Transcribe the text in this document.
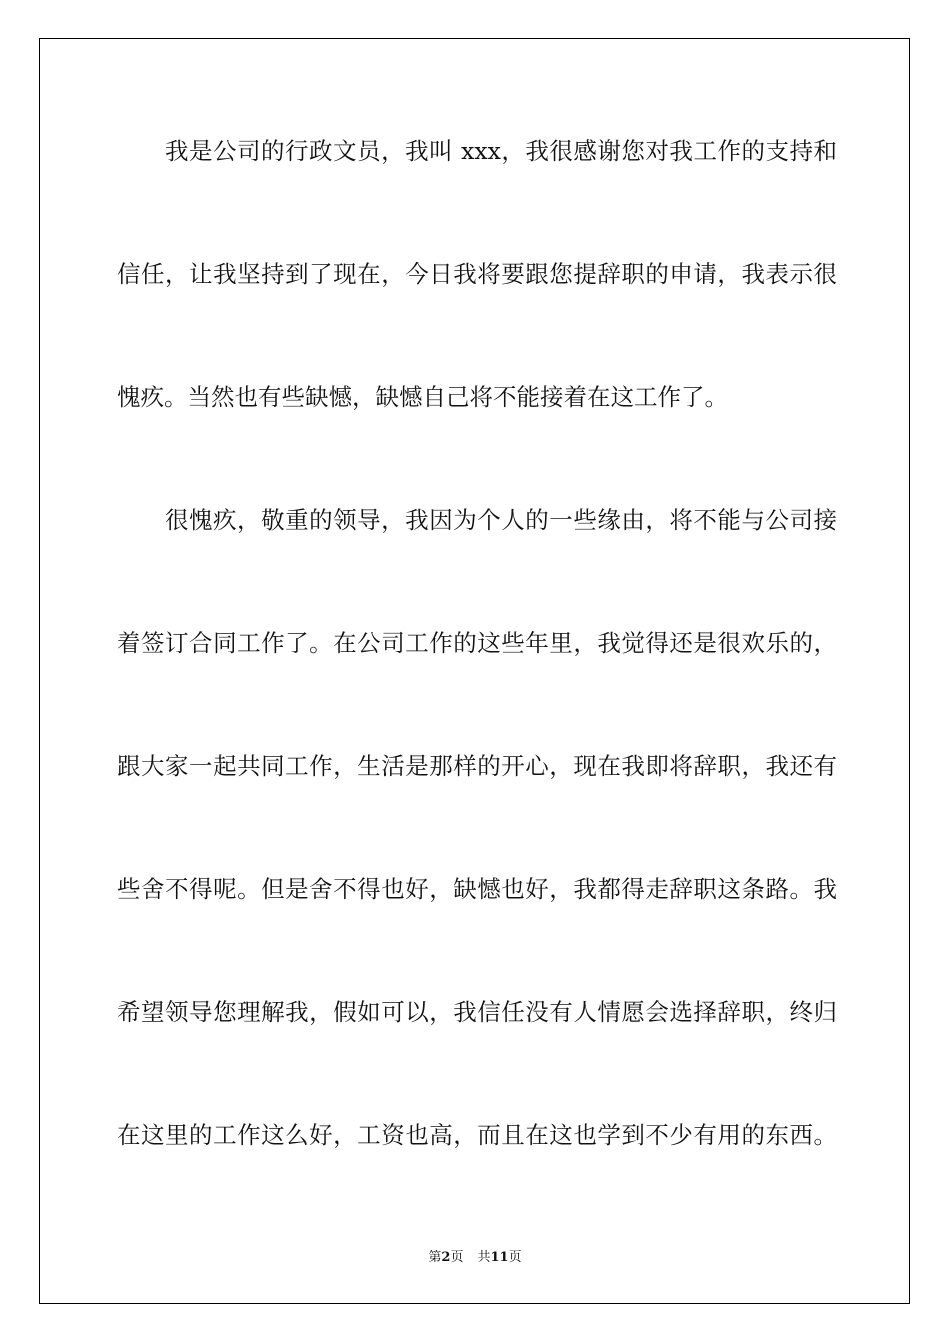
我是公司的行政文员，我叫 xxx，我很感谢您对我工作的支持和
信任，让我坚持到了现在，今日我将要跟您提辞职的申请，我表示很
愧疚。当然也有些缺憾，缺憾自己将不能接着在这工作了。
很愧疚，敬重的领导，我因为个人的一些缘由，将不能与公司接
着签订合同工作了。在公司工作的这些年里，我觉得还是很欢乐的，
跟大家一起共同工作，生活是那样的开心，现在我即将辞职，我还有
些舍不得呢。但是舍不得也好，缺憾也好，我都得走辞职这条路。我
希望领导您理解我，假如可以，我信任没有人情愿会选择辞职，终归
在这里的工作这么好，工资也高，而且在这也学到不少有用的东西。
第2页 共11页
